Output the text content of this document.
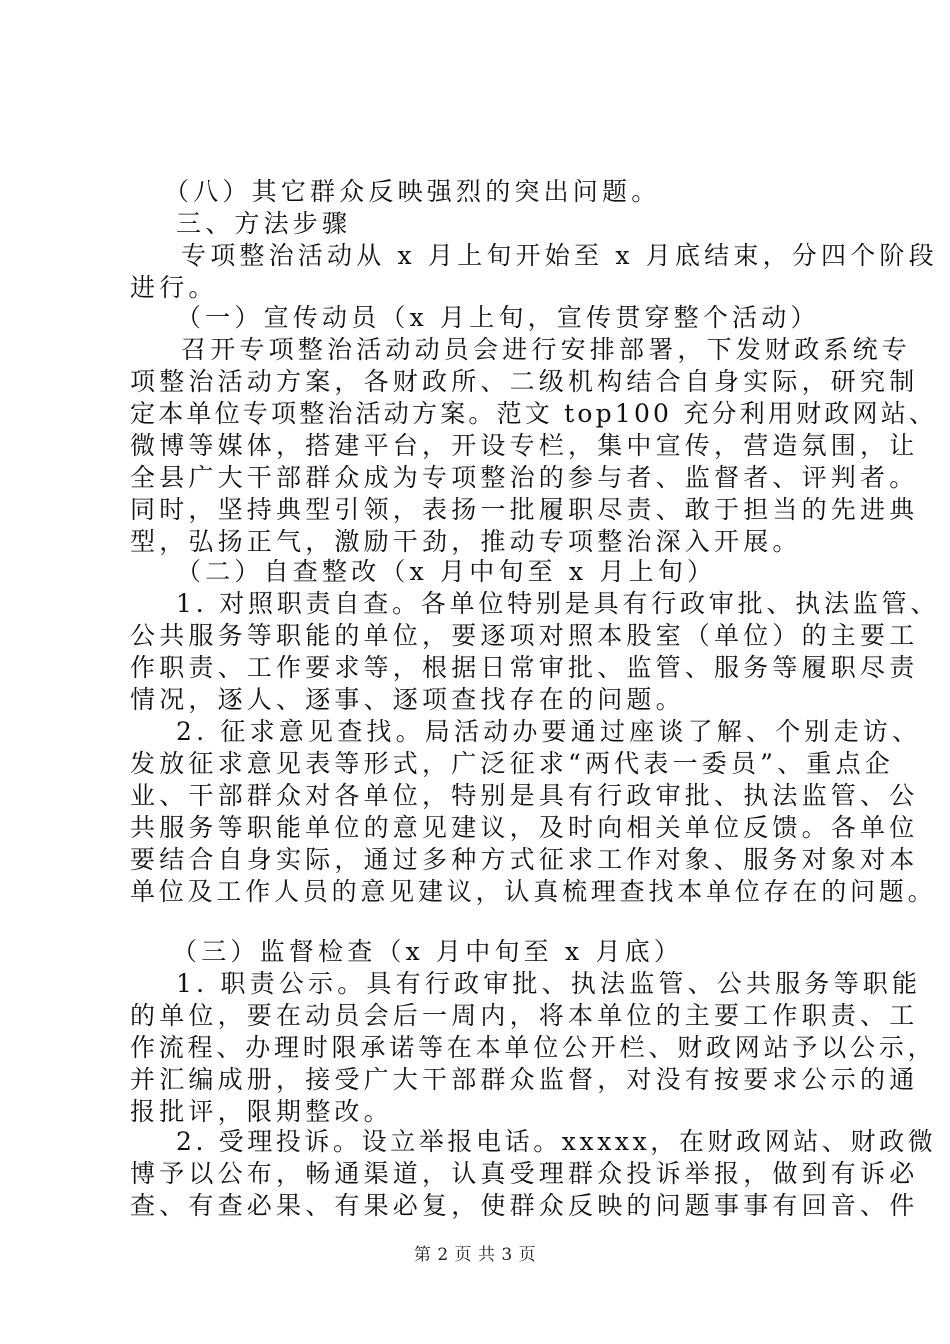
（八）其它群众反映强烈的突出问题。
三、方法步骤
专项整治活动从 x 月上旬开始至 x 月底结束，分四个阶段
进行。
（一）宣传动员（x 月上旬，宣传贯穿整个活动）
召开专项整治活动动员会进行安排部署，下发财政系统专
项整治活动方案，各财政所、二级机构结合自身实际，研究制
定本单位专项整治活动方案。范文 top100 充分利用财政网站、
微博等媒体，搭建平台，开设专栏，集中宣传，营造氛围，让
全县广大干部群众成为专项整治的参与者、监督者、评判者。
同时，坚持典型引领，表扬一批履职尽责、敢于担当的先进典
型，弘扬正气，激励干劲，推动专项整治深入开展。
（二）自查整改（x 月中旬至 x 月上旬）
1. 对照职责自查。各单位特别是具有行政审批、执法监管、
公共服务等职能的单位，要逐项对照本股室（单位）的主要工
作职责、工作要求等，根据日常审批、监管、服务等履职尽责
情况，逐人、逐事、逐项查找存在的问题。
2. 征求意见查找。局活动办要通过座谈了解、个别走访、
发放征求意见表等形式，广泛征求“两代表一委员”、重点企
业、干部群众对各单位，特别是具有行政审批、执法监管、公
共服务等职能单位的意见建议，及时向相关单位反馈。各单位
要结合自身实际，通过多种方式征求工作对象、服务对象对本
单位及工作人员的意见建议，认真梳理查找本单位存在的问题。
（三）监督检查（x 月中旬至 x 月底）
1. 职责公示。具有行政审批、执法监管、公共服务等职能
的单位，要在动员会后一周内，将本单位的主要工作职责、工
作流程、办理时限承诺等在本单位公开栏、财政网站予以公示，
并汇编成册，接受广大干部群众监督，对没有按要求公示的通
报批评，限期整改。
2. 受理投诉。设立举报电话。xxxxx，在财政网站、财政微
博予以公布，畅通渠道，认真受理群众投诉举报，做到有诉必
查、有查必果、有果必复，使群众反映的问题事事有回音、件
第 2 页 共 3 页
